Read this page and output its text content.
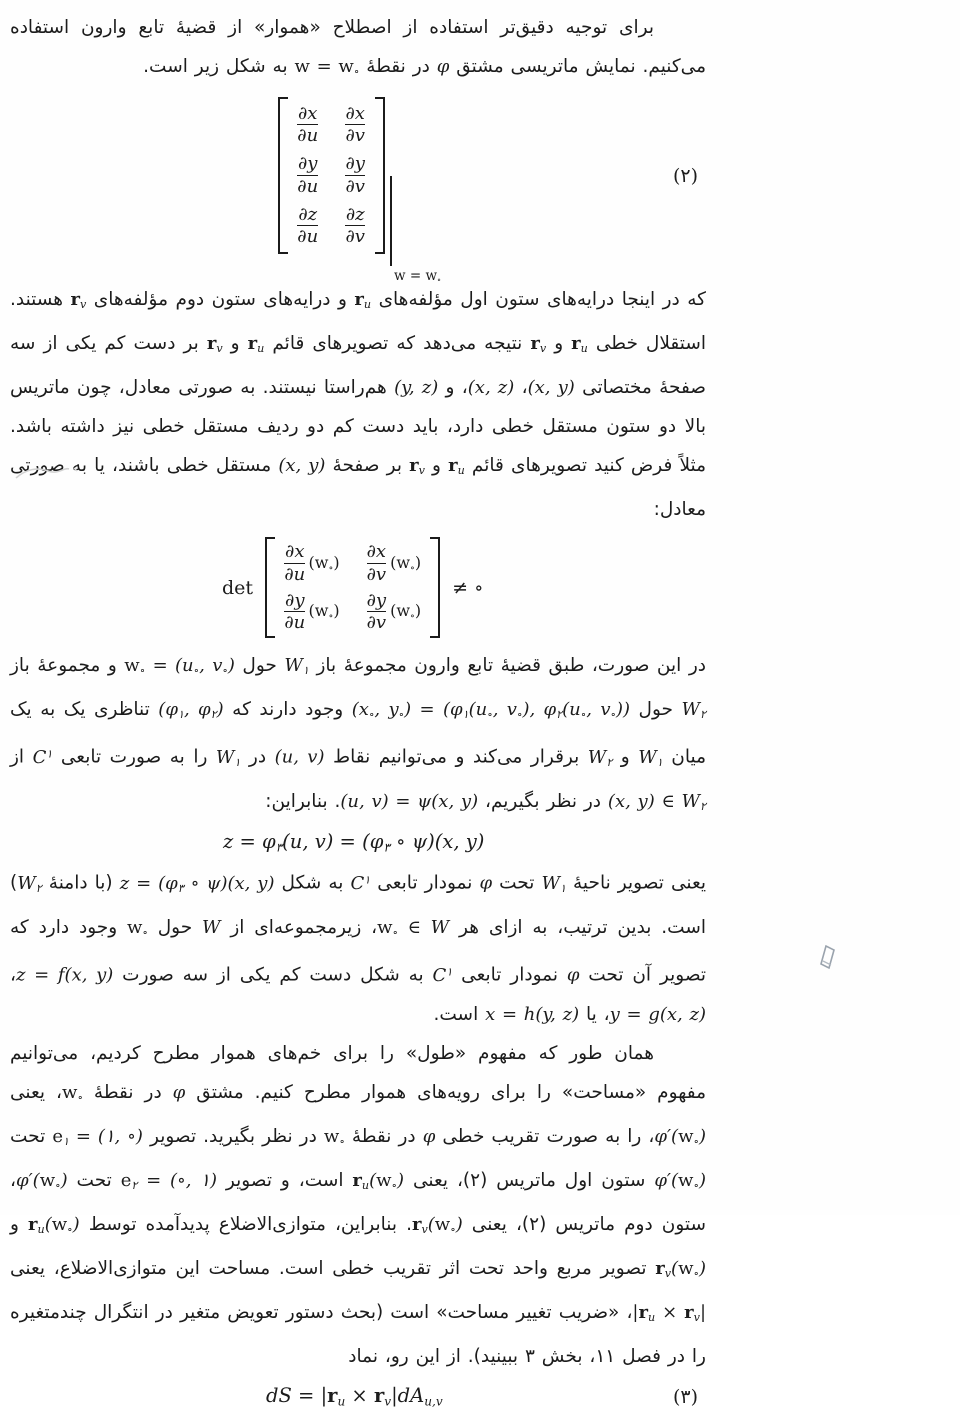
برای توجیه دقیق‌تر استفاده از اصطلاح «هموار» از قضیۀ تابع وارون استفاده می‌کنیم. نمایش ماتریسی مشتق φ در نقطۀ $w = w_\circ$ به شکل زیر است.

$\frac{\partial x}{\partial u} \frac{\partial x}{\partial v}$
$\frac{\partial y}{\partial u} \frac{\partial y}{\partial v}$
$\frac{\partial z}{\partial u} \frac{\partial z}{\partial v}$
$w = w_\circ$
(۲)

که در اینجا درایه‌های ستون اول مؤلفه‌های $r_u$ و درایه‌های ستون دوم مؤلفه‌های $r_v$ هستند. استقلال خطی $r_u$ و $r_v$ نتیجه می‌دهد که تصویرهای قائم $r_u$ و $r_v$ بر دست کم یکی از سه صفحۀ مختصاتی (x, y)، (x, z)، و (y, z) هم‌راستا نیستند. به صورتی معادل، چون ماتریس بالا دو ستون مستقل خطی دارد، باید دست کم دو ردیف مستقل خطی نیز داشته باشد. مثلاً فرض کنید تصویرهای قائم $r_u$ و $r_v$ بر صفحۀ (x, y) مستقل خطی باشند، یا به صورتی معادل:

det
$\frac{\partial x}{\partial u} (w_\circ) \frac{\partial x}{\partial v} (w_\circ)$
$\frac{\partial y}{\partial u} (w_\circ) \frac{\partial y}{\partial v} (w_\circ)$
≠ ∘

در این صورت، طبق قضیۀ تابع وارون مجموعۀ باز $W_۱$ حول $w_\circ = (u_\circ$, $v_\circ$) و مجموعۀ باز $W_۲$ حول ($x_\circ$, $y_\circ) = (\varphi_۱(u_\circ$, $v_\circ$), $\varphi_۲(u_\circ$, $v_\circ$)) وجود دارند که ($\varphi_۱$, $\varphi_۲$) تناظری یک به یک میان $W_۱$ و $W_۲$ برقرار می‌کند و می‌توانیم نقاط (u, v) در $W_۱$ را به صورت تابعی $C^۱$ از (x, y) ∈ $W_۲$ در نظر بگیریم، (u, v) = ψ(x, y). بنابراین:

$z = \varphi_۳(u$, $v) = (\varphi_۳$ ∘ ψ)(x, y)

یعنی تصویر ناحیۀ $W_۱$ تحت φ نمودار تابعی $C^۱$ به شکل $z = (\varphi_۳$ ∘ ψ)(x, y) (با دامنۀ $W_۲$) است. بدین ترتیب، به ازای هر $w_\circ$ ∈ W، زیرمجموعه‌ای از W حول $w_\circ$ وجود دارد که تصویر آن تحت φ نمودار تابعی $C^۱$ به شکل دست کم یکی از سه صورت z = f(x, y)، y = g(x, z)، یا x = h(y, z) است.

همان طور که مفهوم «طول» را برای خم‌های هموار مطرح کردیم، می‌توانیم مفهوم «مساحت» را برای رویه‌های هموار مطرح کنیم. مشتق φ در نقطۀ $w_\circ،$ یعنی $\varphi'(w_\circ)،$ را به صورت تقریب خطی φ در نقطۀ $w_\circ$ در نظر بگیرید. تصویر $e_۱$ = (۱, ∘) تحت $\varphi'(w_\circ)$ ستون اول ماتریس (۲)، یعنی $r_u(w_\circ)$ است، و تصویر $e_۲$ = (∘, ۱) تحت $\varphi'(w_\circ)،$ ستون دوم ماتریس (۲)، یعنی $r_v(w_\circ)$. بنابراین، متوازی‌الاضلاع پدیدآمده توسط $r_u(w_\circ)$ و $r_v(w_\circ)$ تصویر مربع واحد تحت اثر تقریب خطی است. مساحت این متوازی‌الاضلاع، یعنی $|r_u$ × $r_v|،$ «ضریب تغییر مساحت» است (بحث دستور تعویض متغیر در انتگرال چندمتغیره را در فصل ۱۱، بخش ۳ ببینید). از این رو، نماد

dS = $|r_u \times r_v|dA_{u,v}$	(۳)
